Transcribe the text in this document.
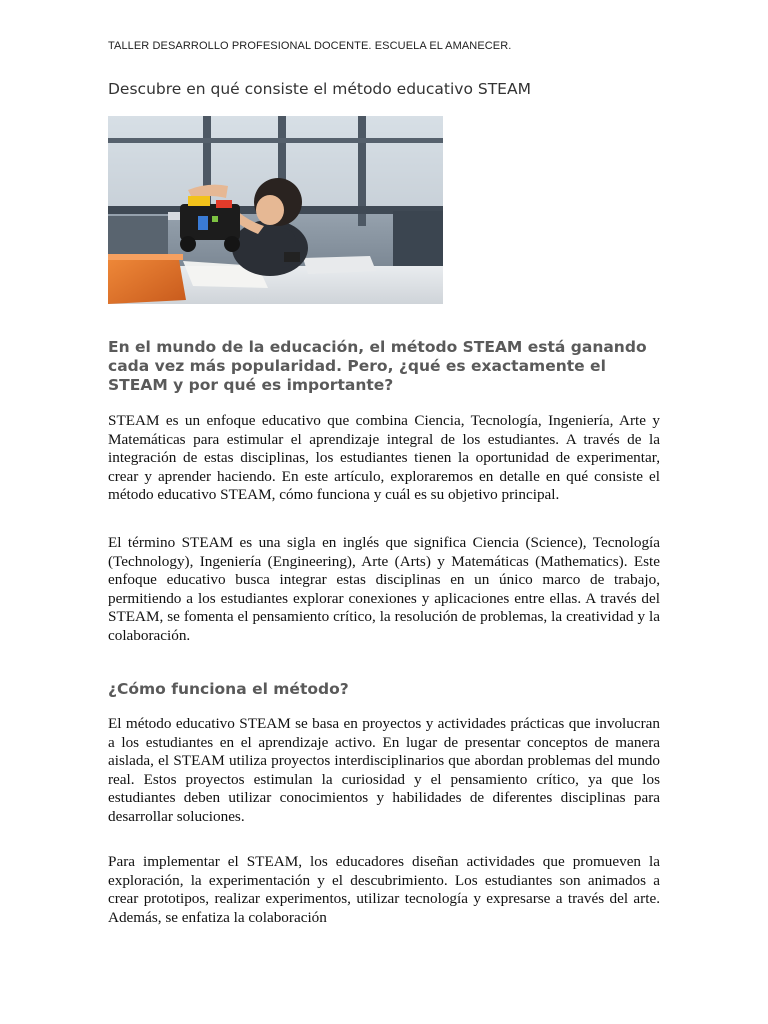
TALLER DESARROLLO PROFESIONAL DOCENTE. ESCUELA EL AMANECER.
Descubre en qué consiste el método educativo STEAM
En el mundo de la educación, el método STEAM está ganando cada vez más popularidad. Pero, ¿qué es exactamente el STEAM y por qué es importante?

STEAM es un enfoque educativo que combina Ciencia, Tecnología, Ingeniería, Arte y Matemáticas para estimular el aprendizaje integral de los estudiantes. A través de la integración de estas disciplinas, los estudiantes tienen la oportunidad de experimentar, crear y aprender haciendo. En este artículo, exploraremos en detalle en qué consiste el método educativo STEAM, cómo funciona y cuál es su objetivo principal.

El término STEAM es una sigla en inglés que significa Ciencia (Science), Tecnología (Technology), Ingeniería (Engineering), Arte (Arts) y Matemáticas (Mathematics). Este enfoque educativo busca integrar estas disciplinas en un único marco de trabajo, permitiendo a los estudiantes explorar conexiones y aplicaciones entre ellas. A través del STEAM, se fomenta el pensamiento crítico, la resolución de problemas, la creatividad y la colaboración.

¿Cómo funciona el método?

El método educativo STEAM se basa en proyectos y actividades prácticas que involucran a los estudiantes en el aprendizaje activo. En lugar de presentar conceptos de manera aislada, el STEAM utiliza proyectos interdisciplinarios que abordan problemas del mundo real. Estos proyectos estimulan la curiosidad y el pensamiento crítico, ya que los estudiantes deben utilizar conocimientos y habilidades de diferentes disciplinas para desarrollar soluciones.

Para implementar el STEAM, los educadores diseñan actividades que promueven la exploración, la experimentación y el descubrimiento. Los estudiantes son animados a crear prototipos, realizar experimentos, utilizar tecnología y expresarse a través del arte. Además, se enfatiza la colaboración
